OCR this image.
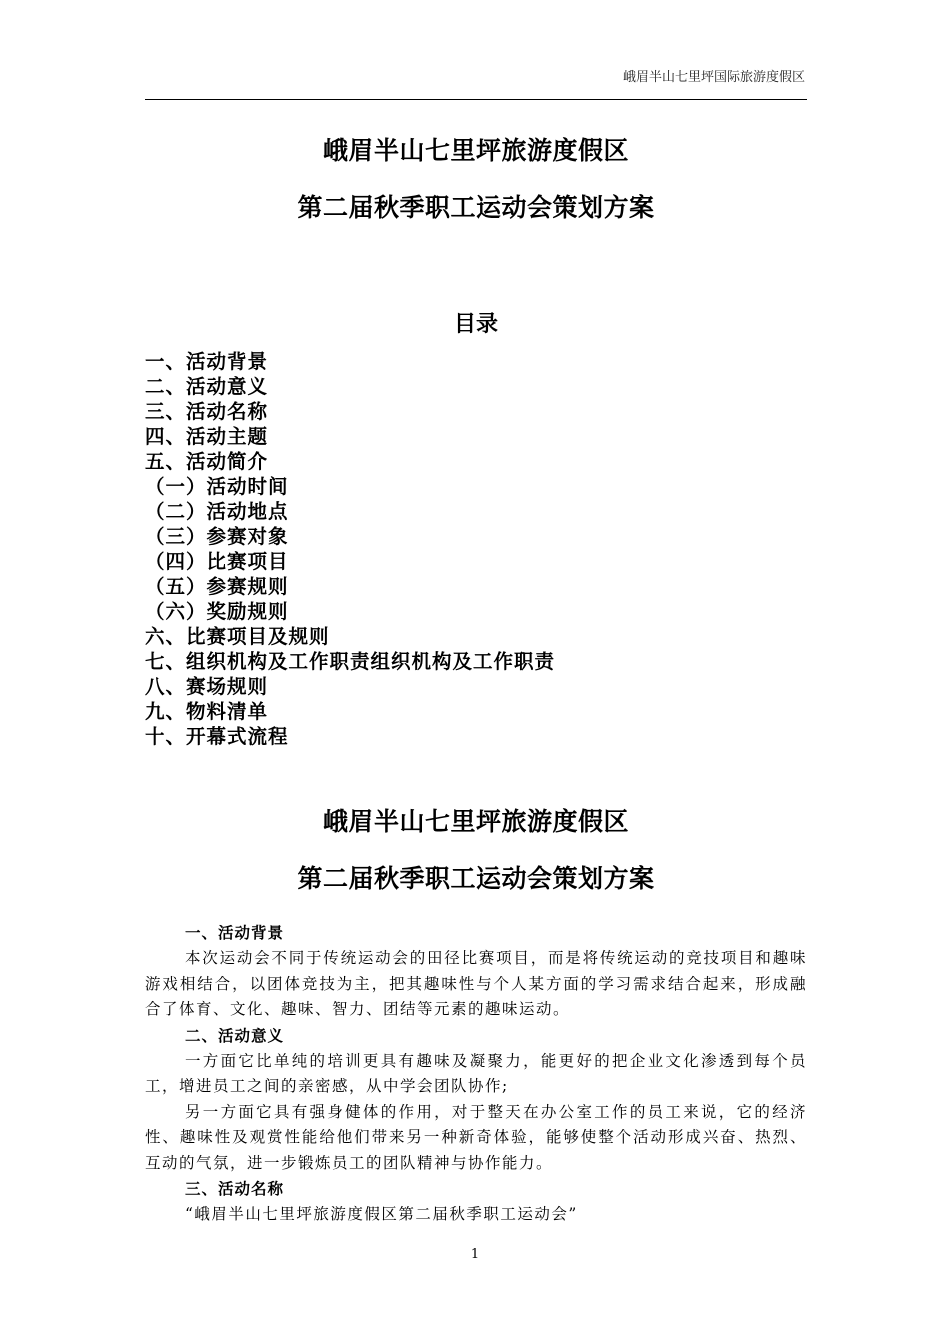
峨眉半山七里坪国际旅游度假区
峨眉半山七里坪旅游度假区
第二届秋季职工运动会策划方案
目录
一、活动背景
二、活动意义
三、活动名称
四、活动主题
五、活动简介
（一）活动时间
（二）活动地点
（三）参赛对象
（四）比赛项目
（五）参赛规则
（六）奖励规则
六、比赛项目及规则
七、组织机构及工作职责组织机构及工作职责
八、赛场规则
九、物料清单
十、开幕式流程
峨眉半山七里坪旅游度假区
第二届秋季职工运动会策划方案
一、活动背景

本次运动会不同于传统运动会的田径比赛项目，而是将传统运动的竞技项目和趣味游戏相结合，以团体竞技为主，把其趣味性与个人某方面的学习需求结合起来，形成融合了体育、文化、趣味、智力、团结等元素的趣味运动。

二、活动意义

一方面它比单纯的培训更具有趣味及凝聚力，能更好的把企业文化渗透到每个员工，增进员工之间的亲密感，从中学会团队协作;

另一方面它具有强身健体的作用，对于整天在办公室工作的员工来说，它的经济性、趣味性及观赏性能给他们带来另一种新奇体验，能够使整个活动形成兴奋、热烈、互动的气氛，进一步锻炼员工的团队精神与协作能力。

三、活动名称

“峨眉半山七里坪旅游度假区第二届秋季职工运动会”

1
